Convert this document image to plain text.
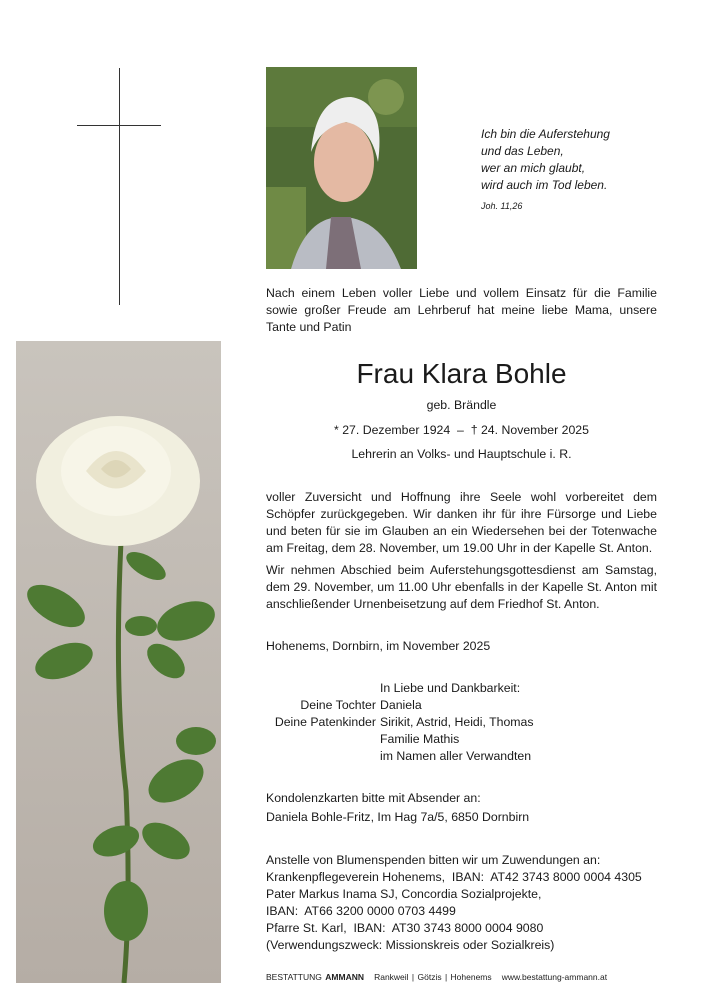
Ich bin die Auferstehung
und das Leben,
wer an mich glaubt,
wird auch im Tod leben.
Joh. 11,26
Nach einem Leben voller Liebe und vollem Einsatz für die Familie sowie großer Freude am Lehrberuf hat meine liebe Mama, unsere Tante und Patin
Frau Klara Bohle
geb. Brändle
* 27. Dezember 1924  –  † 24. November 2025
Lehrerin an Volks- und Hauptschule i. R.
voller Zuversicht und Hoffnung ihre Seele wohl vorbereitet dem Schöpfer zurückgegeben. Wir danken ihr für ihre Fürsorge und Liebe und beten für sie im Glauben an ein Wiedersehen bei der Totenwache am Freitag, dem 28. November, um 19.00 Uhr in der Kapelle St. Anton.
Wir nehmen Abschied beim Auferstehungsgottesdienst am Samstag, dem 29. November, um 11.00 Uhr ebenfalls in der Kapelle St. Anton mit anschließender Urnenbeisetzung auf dem Friedhof St. Anton.
Hohenems, Dornbirn, im November 2025
In Liebe und Dankbarkeit:
Deine Tochter Daniela
Deine Patenkinder Sirikit, Astrid, Heidi, Thomas
Familie Mathis
im Namen aller Verwandten
Kondolenzkarten bitte mit Absender an:
Daniela Bohle-Fritz, Im Hag 7a/5, 6850 Dornbirn
Anstelle von Blumenspenden bitten wir um Zuwendungen an:
Krankenpflegeverein Hohenems,  IBAN:  AT42 3743 8000 0004 4305
Pater Markus Inama SJ, Concordia Sozialprojekte,
IBAN:  AT66 3200 0000 0703 4499
Pfarre St. Karl,  IBAN:  AT30 3743 8000 0004 9080
(Verwendungszweck: Missionskreis oder Sozialkreis)
BESTATTUNG AMMANN Rankweil | Götzis | Hohenems www.bestattung-ammann.at
